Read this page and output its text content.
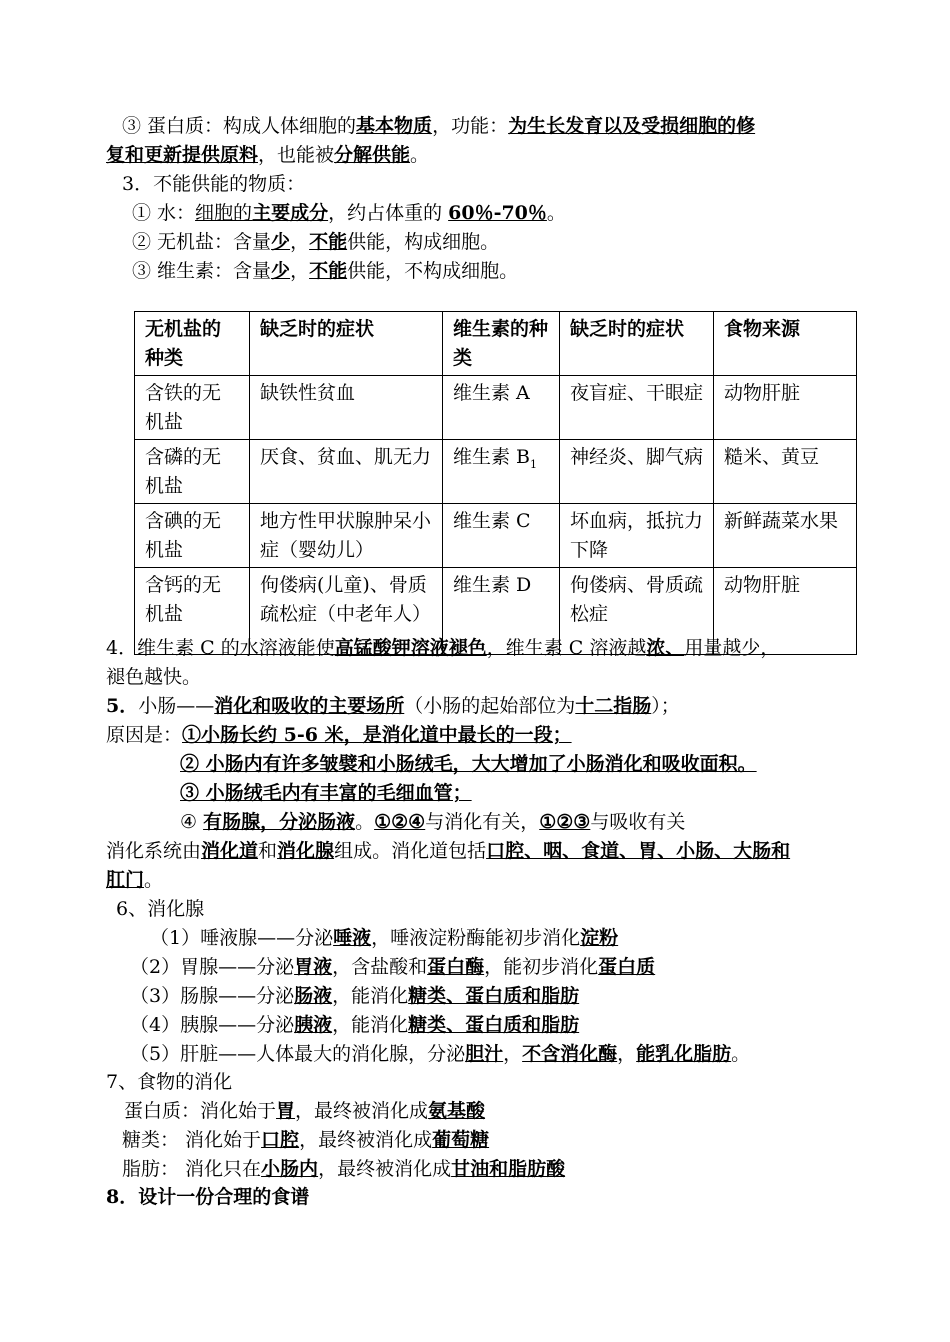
③ 蛋白质：构成人体细胞的基本物质，功能：为生长发育以及受损细胞的修
复和更新提供原料，也能被分解供能。
3．不能供能的物质：
① 水：细胞的主要成分，约占体重的 60％-70％。
② 无机盐：含量少，不能供能，构成细胞。
③ 维生素：含量少，不能供能，不构成细胞。
无机盐的种类	缺乏时的症状	维生素的种类	缺乏时的症状	食物来源
含铁的无机盐	缺铁性贫血	维生素 A	夜盲症、干眼症	动物肝脏
含磷的无机盐	厌食、贫血、肌无力	维生素 $B_1$	神经炎、脚气病	糙米、黄豆
含碘的无机盐	地方性甲状腺肿呆小症（婴幼儿）	维生素 C	坏血病，抵抗力下降	新鲜蔬菜水果
含钙的无机盐	佝偻病(儿童)、骨质疏松症（中老年人）	维生素 D	佝偻病、骨质疏松症	动物肝脏
4．维生素 C 的水溶液能使高锰酸钾溶液褪色，维生素 C 溶液越浓、用量越少，
褪色越快。
5．小肠——消化和吸收的主要场所（小肠的起始部位为十二指肠）；
原因是：①小肠长约 5-6 米，是消化道中最长的一段；
② 小肠内有许多皱襞和小肠绒毛，大大增加了小肠消化和吸收面积。
③ 小肠绒毛内有丰富的毛细血管；
④ 有肠腺，分泌肠液。①②④与消化有关，①②③与吸收有关
消化系统由消化道和消化腺组成。消化道包括口腔、咽、食道、胃、小肠、大肠和
肛门。
6、消化腺
（1）唾液腺——分泌唾液，唾液淀粉酶能初步消化淀粉
（2）胃腺——分泌胃液，含盐酸和蛋白酶，能初步消化蛋白质
（3）肠腺——分泌肠液，能消化糖类、蛋白质和脂肪
（4）胰腺——分泌胰液，能消化糖类、蛋白质和脂肪
（5）肝脏——人体最大的消化腺，分泌胆汁，不含消化酶，能乳化脂肪。
7、食物的消化
蛋白质：消化始于胃，最终被消化成氨基酸
糖类： 消化始于口腔，最终被消化成葡萄糖
脂肪： 消化只在小肠内，最终被消化成甘油和脂肪酸
8．设计一份合理的食谱
